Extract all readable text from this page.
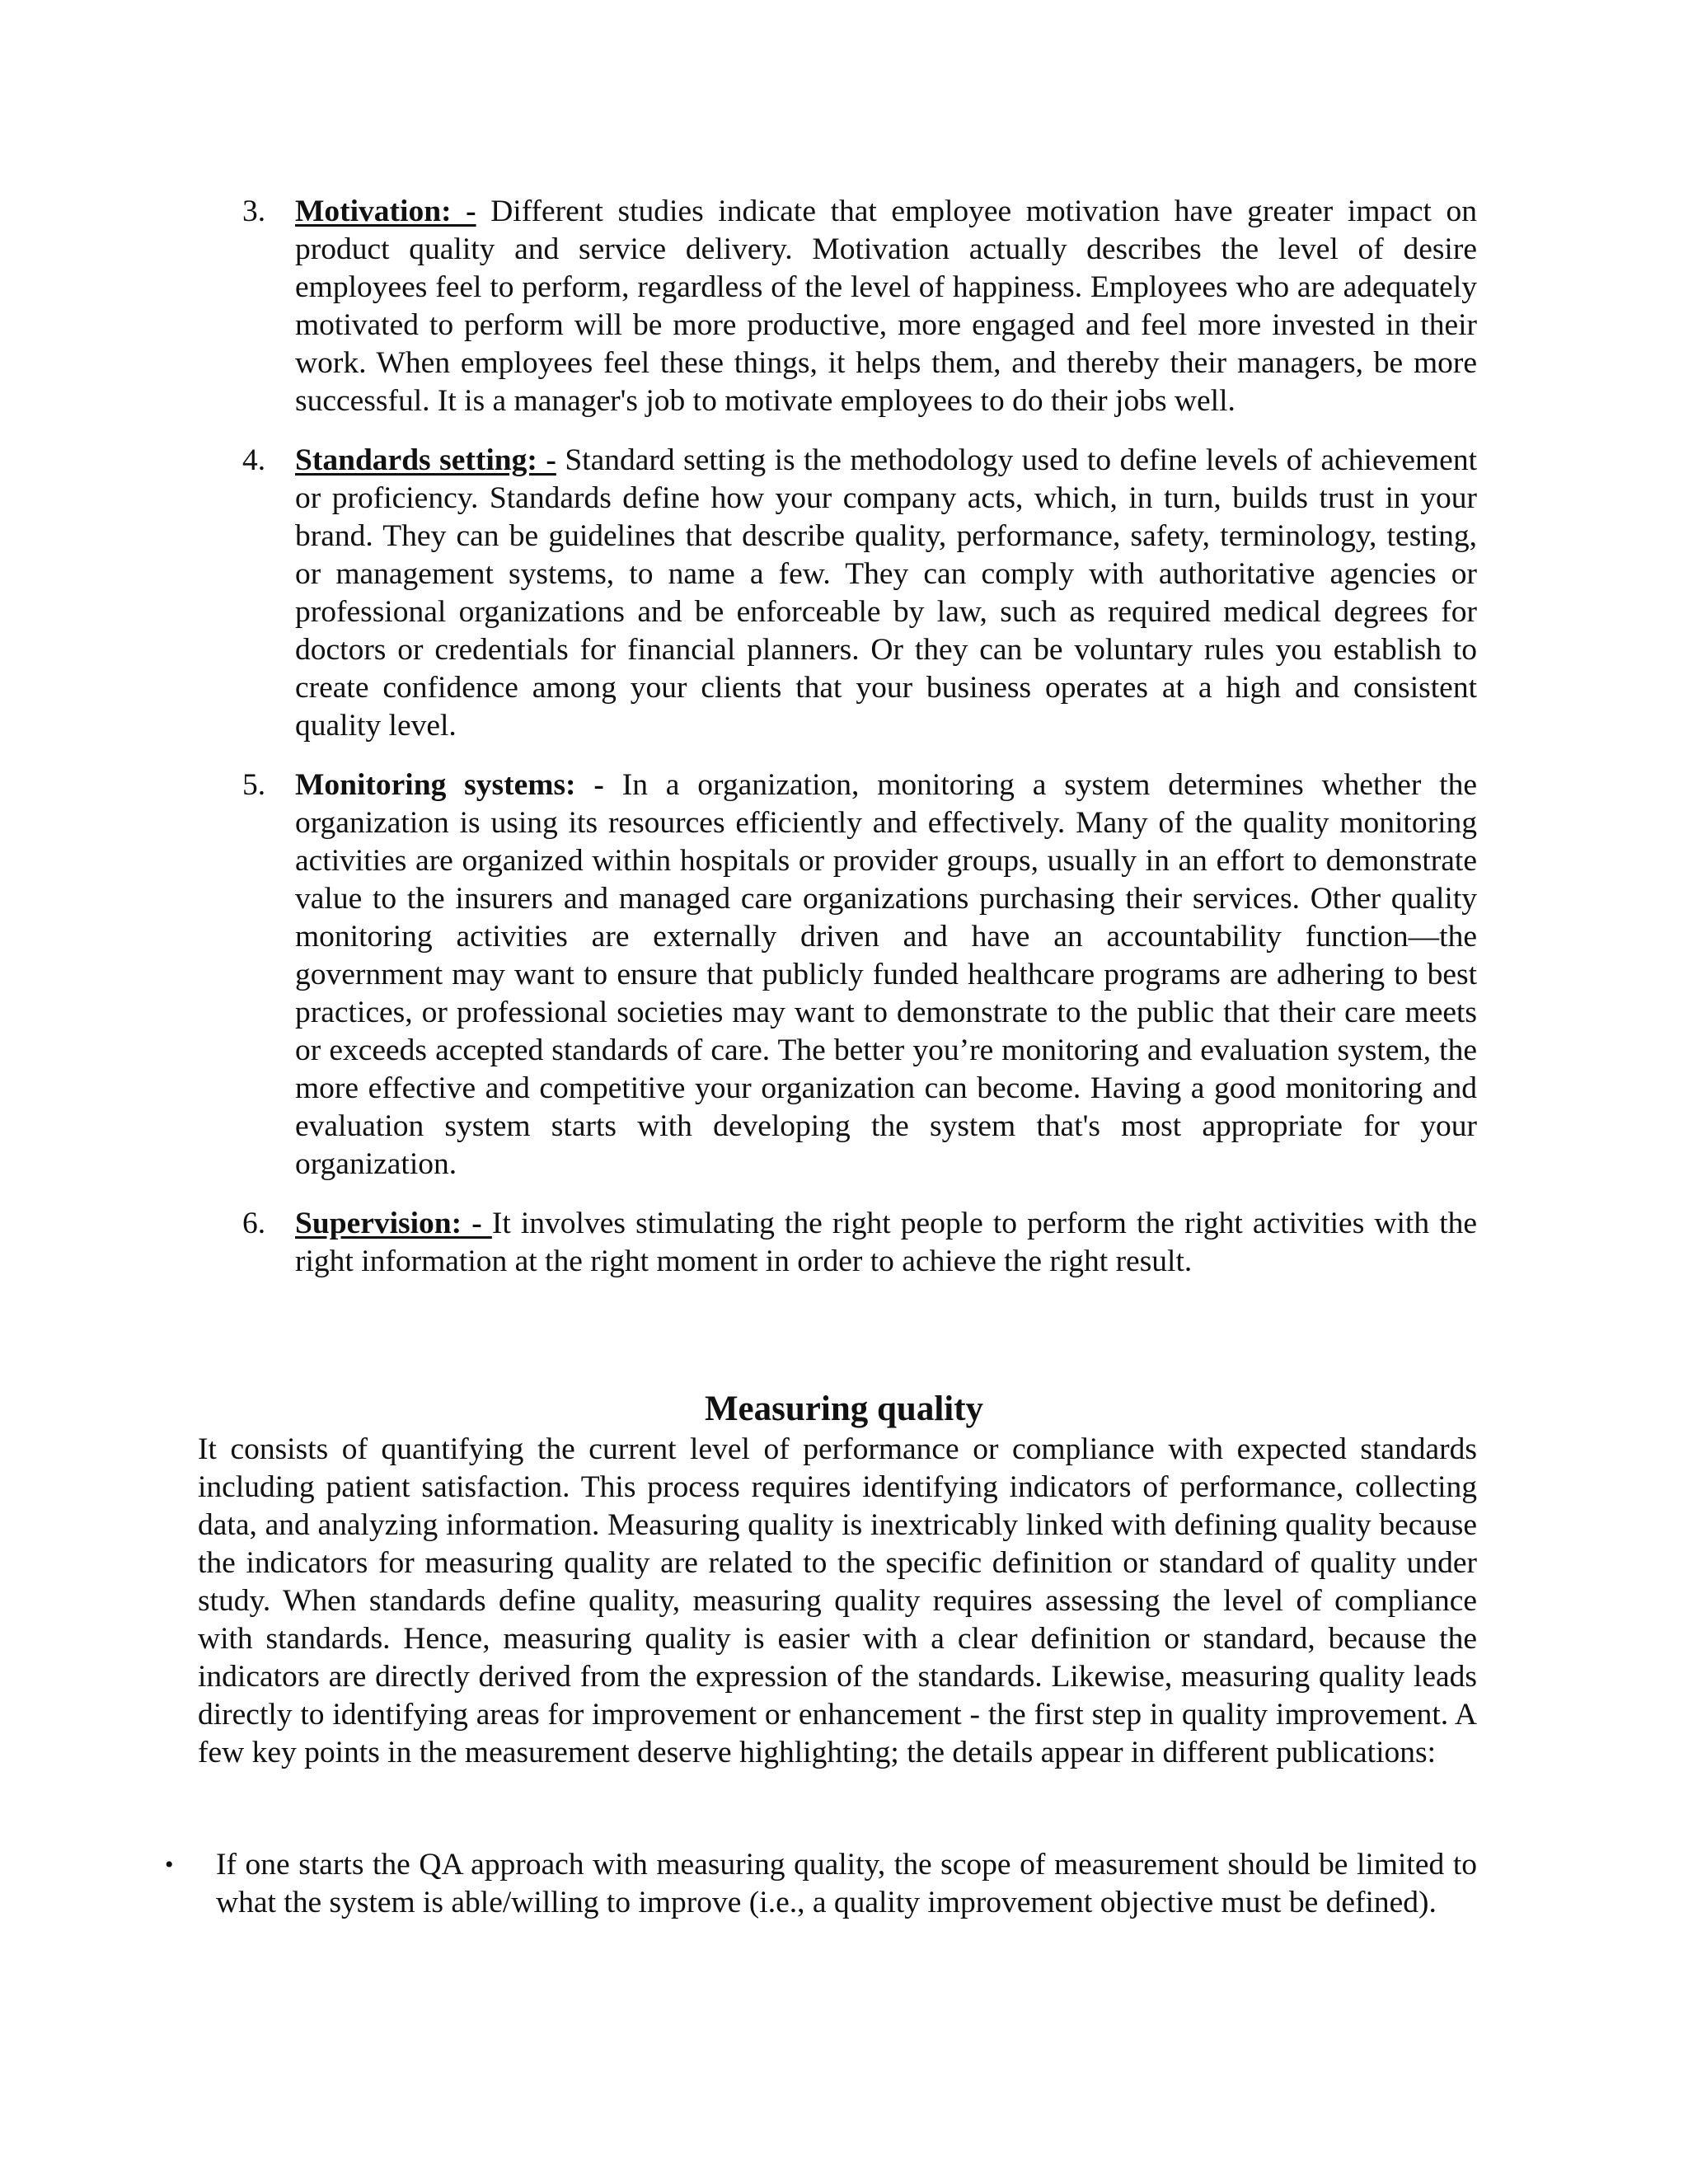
3. Motivation: - Different studies indicate that employee motivation have greater impact on product quality and service delivery. Motivation actually describes the level of desire employees feel to perform, regardless of the level of happiness. Employees who are adequately motivated to perform will be more productive, more engaged and feel more invested in their work. When employees feel these things, it helps them, and thereby their managers, be more successful. It is a manager's job to motivate employees to do their jobs well.
4. Standards setting: - Standard setting is the methodology used to define levels of achievement or proficiency. Standards define how your company acts, which, in turn, builds trust in your brand. They can be guidelines that describe quality, performance, safety, terminology, testing, or management systems, to name a few. They can comply with authoritative agencies or professional organizations and be enforceable by law, such as required medical degrees for doctors or credentials for financial planners. Or they can be voluntary rules you establish to create confidence among your clients that your business operates at a high and consistent quality level.
5. Monitoring systems: - In a organization, monitoring a system determines whether the organization is using its resources efficiently and effectively. Many of the quality monitoring activities are organized within hospitals or provider groups, usually in an effort to demonstrate value to the insurers and managed care organizations purchasing their services. Other quality monitoring activities are externally driven and have an accountability function—the government may want to ensure that publicly funded healthcare programs are adhering to best practices, or professional societies may want to demonstrate to the public that their care meets or exceeds accepted standards of care. The better you’re monitoring and evaluation system, the more effective and competitive your organization can become. Having a good monitoring and evaluation system starts with developing the system that's most appropriate for your organization.
6. Supervision: - It involves stimulating the right people to perform the right activities with the right information at the right moment in order to achieve the right result.
Measuring quality

It consists of quantifying the current level of performance or compliance with expected standards including patient satisfaction. This process requires identifying indicators of performance, collecting data, and analyzing information. Measuring quality is inextricably linked with defining quality because the indicators for measuring quality are related to the specific definition or standard of quality under study. When standards define quality, measuring quality requires assessing the level of compliance with standards. Hence, measuring quality is easier with a clear definition or standard, because the indicators are directly derived from the expression of the standards. Likewise, measuring quality leads directly to identifying areas for improvement or enhancement - the first step in quality improvement. A few key points in the measurement deserve highlighting; the details appear in different publications:

• If one starts the QA approach with measuring quality, the scope of measurement should be limited to what the system is able/willing to improve (i.e., a quality improvement objective must be defined).
